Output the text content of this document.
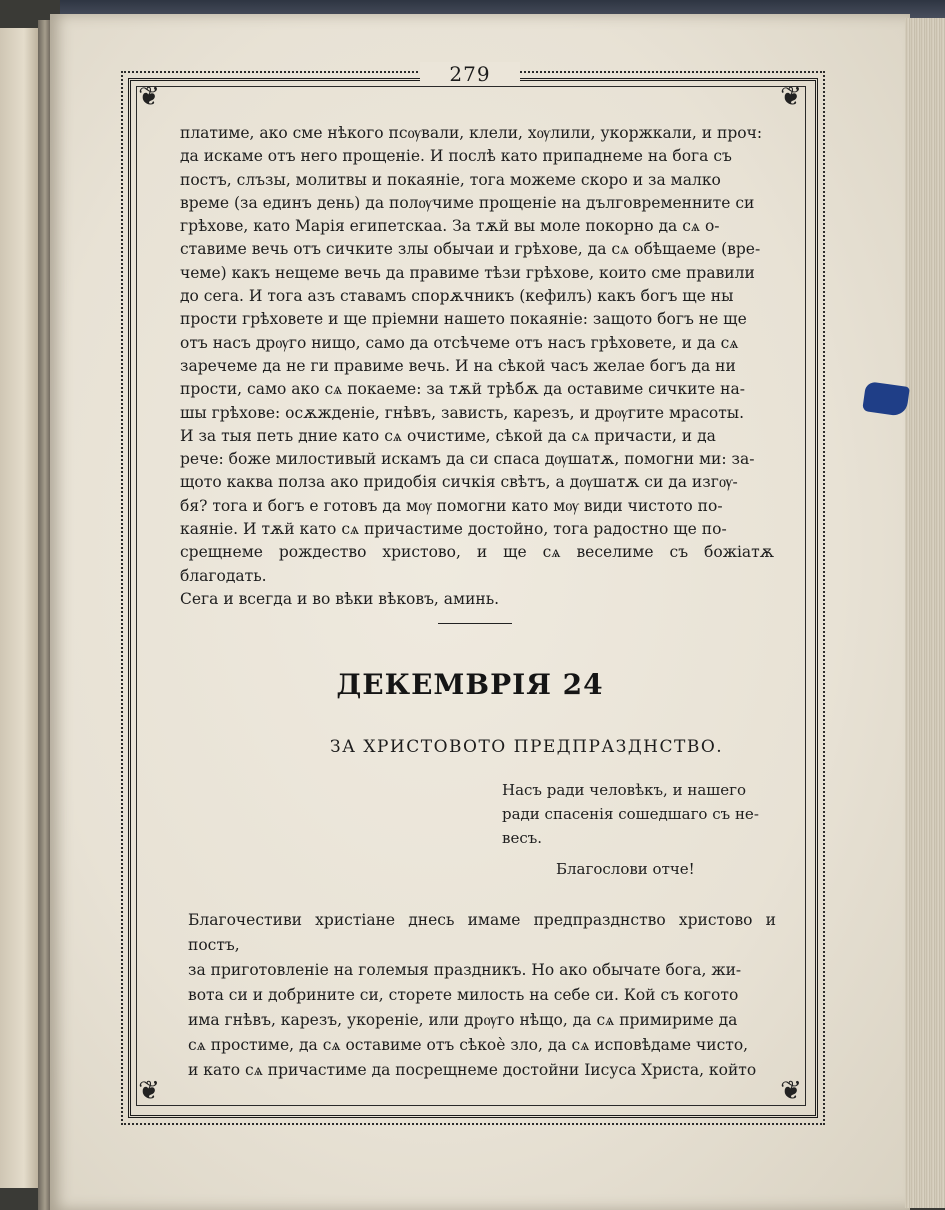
❦	❦
❦	❦
279

платиме, ако сме нѣкого псѹвали, клели, хѹлили, укоржкали, и проч:

да искаме отъ него прощеніе. И послѣ като припаднеме на бога съ

постъ, слъзы, молитвы и покаяніе, тога можеме скоро и за малко

време (за единъ день) да полѹчиме прощеніе на дълговременните си

грѣхове, като Марія египетскаа. За тѫй вы моле покорно да сѧ о-

ставиме вечь отъ сичките злы обычаи и грѣхове, да сѧ обѣщаеме (вре-

чеме) какъ нещеме вечь да правиме тѣзи грѣхове, които сме правили

до сега. И тога азъ ставамъ спорѫчникъ (кефилъ) какъ богъ ще ны

прости грѣховете и ще пріемни нашето покаяніе: защото богъ не ще

отъ насъ дрѹго нищо, само да отсѣчеме отъ насъ грѣховете, и да сѧ

заречеме да не ги правиме вечь. И на сѣкой часъ желае богъ да ни

прости, само ако сѧ покаеме: за тѫй трѣбѫ да оставиме сичките на-

шы грѣхове: осѫжденіе, гнѣвъ, зависть, карезъ, и дрѹгите мрасоты.

И за тыя петь дние като сѧ очистиме, сѣкой да сѧ причасти, и да

рече: боже милостивый искамъ да си спаса дѹшатѫ, помогни ми: за-

щото каква полза ако придобія сичкія свѣтъ, а дѹшатѫ си да изгѹ-

бя? тога и богъ е готовъ да мѹ помогни като мѹ види чистото по-

каяніе. И тѫй като сѧ причастиме достойно, тога радостно ще по-

срещнеме рождество христово, и ще сѧ веселиме съ божіатѫ благодать.

Сега и всегда и во вѣки вѣковъ, аминь.

ДЕКЕМВРІЯ 24
ЗА ХРИСТОВОТО ПРЕДПРАЗДНСТВО.
Насъ ради человѣкъ, и нашего
ради спасенія сошедшаго съ не-
весъ.
Благослови отче!

Благочестиви христіане днесь имаме предпразднство христово и постъ,

за приготовленіе на големыя праздникъ. Но ако обычате бога, жи-

вота си и добрините си, сторете милость на себе си. Кой съ когото

има гнѣвъ, карезъ, укореніе, или дрѹго нѣщо, да сѧ примириме да

сѧ простиме, да сѧ оставиме отъ сѣкоѐ зло, да сѧ исповѣдаме чисто,

и като сѧ причастиме да посрещнеме достойни Іисуса Христа, който
